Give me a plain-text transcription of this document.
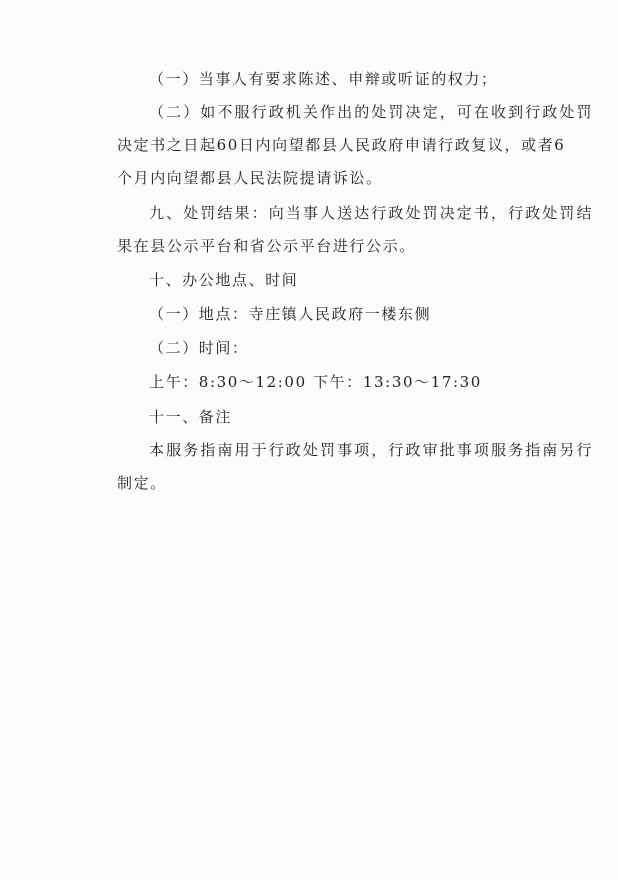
（一）当事人有要求陈述、申辩或听证的权力；
（二）如不服行政机关作出的处罚决定，可在收到行政处罚
决定书之日起60日内向望都县人民政府申请行政复议，或者6
个月内向望都县人民法院提请诉讼。
九、处罚结果：向当事人送达行政处罚决定书，行政处罚结
果在县公示平台和省公示平台进行公示。
十、办公地点、时间
（一）地点：寺庄镇人民政府一楼东侧
（二）时间：
上午：8:30～12:00 下午：13:30～17:30
十一、备注
本服务指南用于行政处罚事项，行政审批事项服务指南另行
制定。
